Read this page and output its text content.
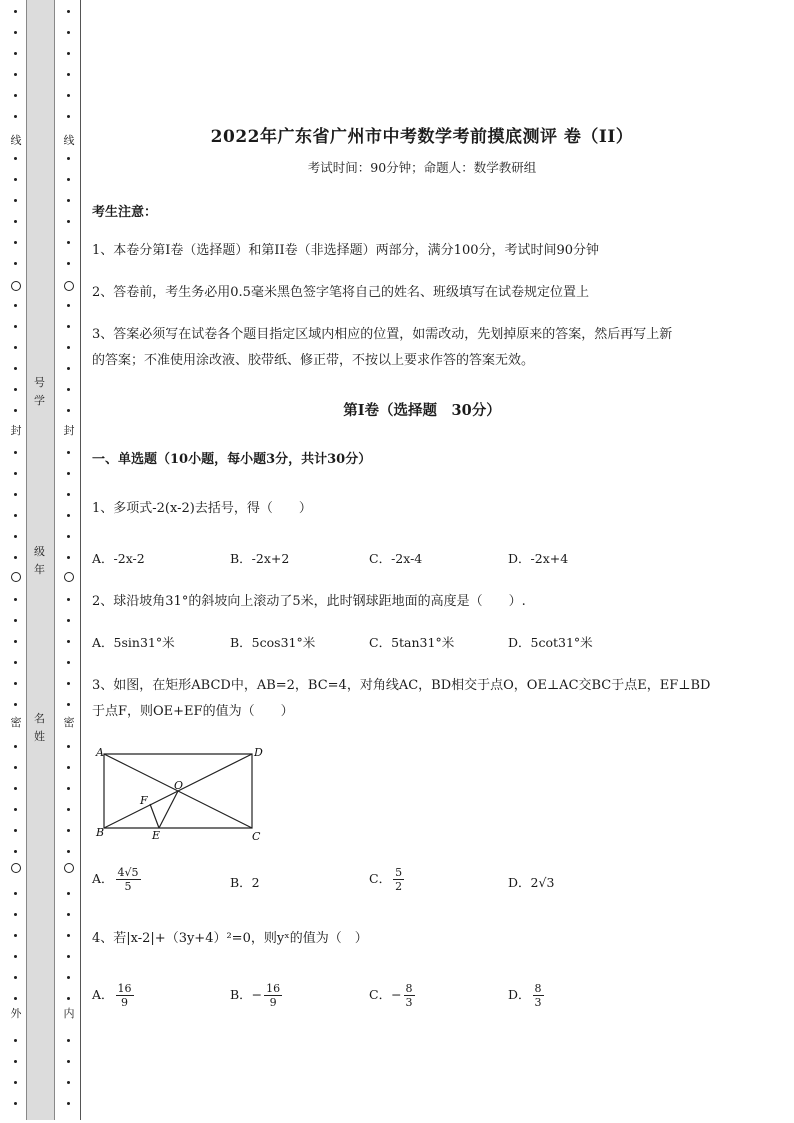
线
封
密
外
号学
级年
名姓
线
封
密
内
2022年广东省广州市中考数学考前摸底测评 卷（II）
考试时间：90分钟；命题人：数学教研组
考生注意：
1、本卷分第I卷（选择题）和第II卷（非选择题）两部分，满分100分，考试时间90分钟
2、答卷前，考生务必用0.5毫米黑色签字笔将自己的姓名、班级填写在试卷规定位置上
3、答案必须写在试卷各个题目指定区域内相应的位置，如需改动，先划掉原来的答案，然后再写上新
的答案；不准使用涂改液、胶带纸、修正带，不按以上要求作答的答案无效。
第I卷（选择题　30分）
一、单选题（10小题，每小题3分，共计30分）
1、多项式-2(x-2)去括号，得（　　）
A．-2x-2	B．-2x+2	C．-2x-4	D．-2x+4
2、球沿坡角31°的斜坡向上滚动了5米，此时钢球距地面的高度是（　　）.
A．5sin31°米	B．5cos31°米	C．5tan31°米	D．5cot31°米
3、如图，在矩形ABCD中，AB=2，BC=4，对角线AC，BD相交于点O，OE⊥AC交BC于点E，EF⊥BD
于点F，则OE+EF的值为（　　）
A	D
B	C
O
E
F
A． $\frac{4√5}{5}$	B．2	C． $\frac{5}{2}$	D．2√3
4、若|x-2|+（3y+4）²=0，则yˣ的值为（　）
A． $\frac{16}{9}$	B．− $\frac{16}{9}$	C．− $\frac{8}{3}$	D． $\frac{8}{3}$
